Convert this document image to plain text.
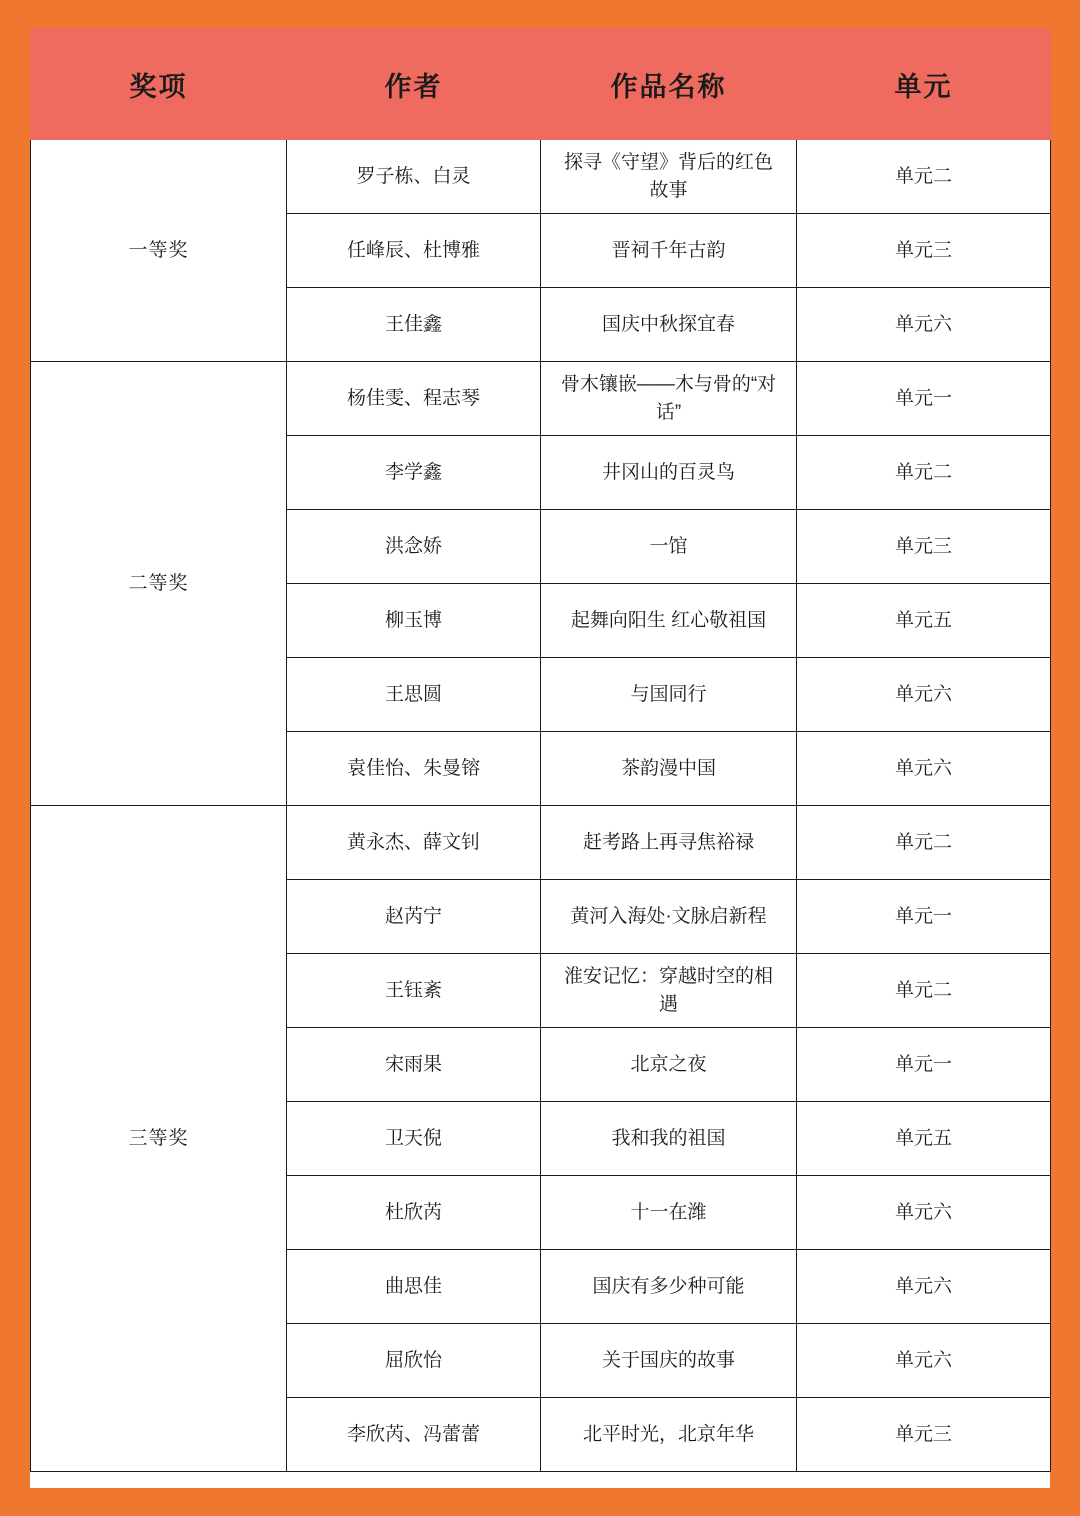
奖项	作者	作品名称	单元
一等奖	罗子栋、白灵	探寻《守望》背后的红色故事	单元二
	任峰辰、杜博雅	晋祠千年古韵	单元三
	王佳鑫	国庆中秋探宜春	单元六
二等奖	杨佳雯、程志琴	骨木镶嵌——木与骨的“对话”	单元一
	李学鑫	井冈山的百灵鸟	单元二
	洪念娇	一馆	单元三
	柳玉博	起舞向阳生 红心敬祖国	单元五
	王思圆	与国同行	单元六
	袁佳怡、朱曼镕	茶韵漫中国	单元六
三等奖	黄永杰、薛文钊	赶考路上再寻焦裕禄	单元二
	赵芮宁	黄河入海处·文脉启新程	单元一
	王钰紊	淮安记忆：穿越时空的相遇	单元二
	宋雨果	北京之夜	单元一
	卫天倪	我和我的祖国	单元五
	杜欣芮	十一在潍	单元六
	曲思佳	国庆有多少种可能	单元六
	屈欣怡	关于国庆的故事	单元六
	李欣芮、冯蕾蕾	北平时光，北京年华	单元三
